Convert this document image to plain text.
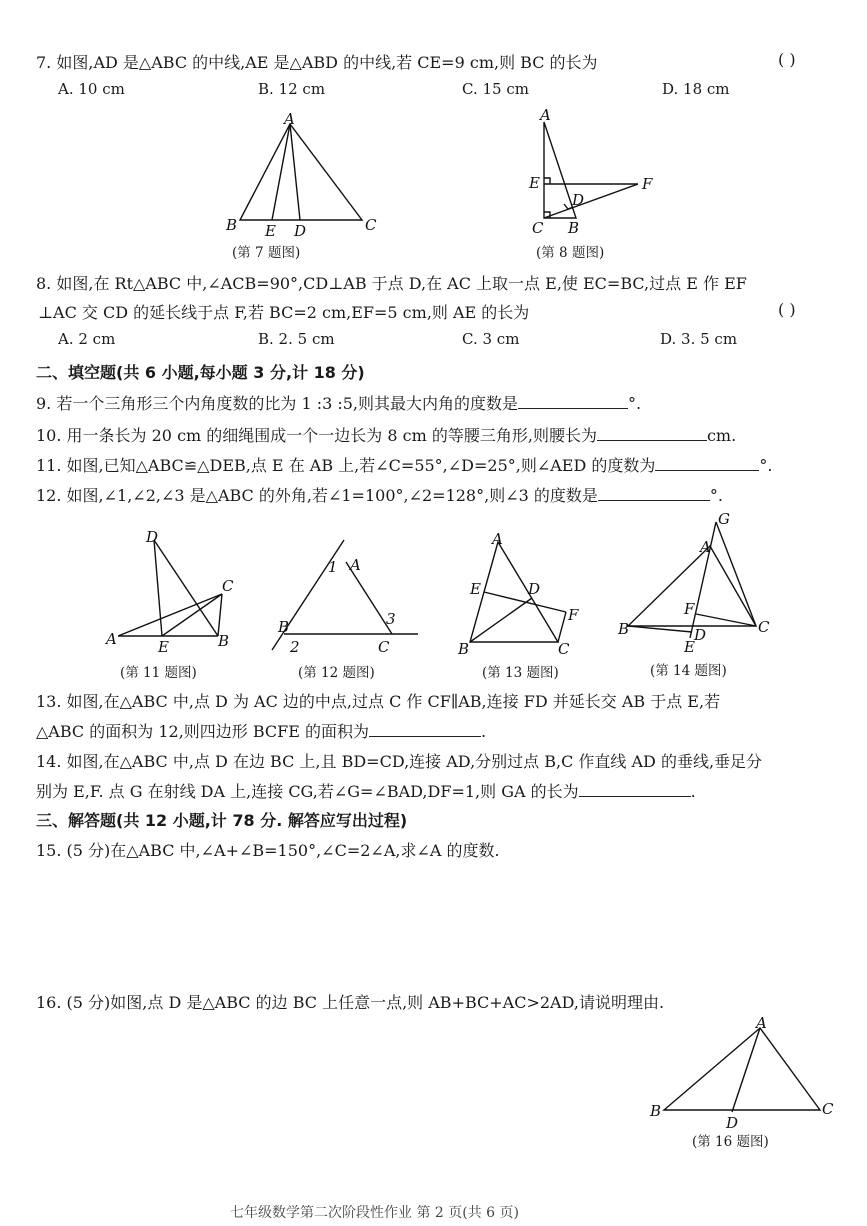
7. 如图,AD 是△ABC 的中线,AE 是△ABD 的中线,若 CE=9 cm,则 BC 的长为	( )
A. 10 cm	B. 12 cm	C. 15 cm	D. 18 cm
A
B E D	C
(第 7 题图)
A
E	F
D
C B
(第 8 题图)
8. 如图,在 Rt△ABC 中,∠ACB=90°,CD⊥AB 于点 D,在 AC 上取一点 E,使 EC=BC,过点 E 作 EF
⊥AC 交 CD 的延长线于点 F,若 BC=2 cm,EF=5 cm,则 AE 的长为	( )
A. 2 cm	B. 2. 5 cm	C. 3 cm	D. 3. 5 cm
二、填空题(共 6 小题,每小题 3 分,计 18 分)
9. 若一个三角形三个内角度数的比为 1 :3 :5,则其最大内角的度数是	°.
10. 用一条长为 20 cm 的细绳围成一个一边长为 8 cm 的等腰三角形,则腰长为	cm.
11. 如图,已知△ABC≌△DEB,点 E 在 AB 上,若∠C=55°,∠D=25°,则∠AED 的度数为	°.
12. 如图,∠1,∠2,∠3 是△ABC 的外角,若∠1=100°,∠2=128°,则∠3 的度数是	°.
D
C
A	E	B
(第 11 题图)
1 A
B
2	C
3
(第 12 题图)
A
E	D
F
B	C
(第 13 题图)
G
A
F
B	D
E
C
(第 14 题图)
13. 如图,在△ABC 中,点 D 为 AC 边的中点,过点 C 作 CF∥AB,连接 FD 并延长交 AB 于点 E,若
△ABC 的面积为 12,则四边形 BCFE 的面积为	.
14. 如图,在△ABC 中,点 D 在边 BC 上,且 BD=CD,连接 AD,分别过点 B,C 作直线 AD 的垂线,垂足分
别为 E,F. 点 G 在射线 DA 上,连接 CG,若∠G=∠BAD,DF=1,则 GA 的长为	.
三、解答题(共 12 小题,计 78 分. 解答应写出过程)
15. (5 分)在△ABC 中,∠A+∠B=150°,∠C=2∠A,求∠A 的度数.
16. (5 分)如图,点 D 是△ABC 的边 BC 上任意一点,则 AB+BC+AC>2AD,请说明理由.
A
B
D
C
(第 16 题图)
七年级数学第二次阶段性作业 第 2 页(共 6 页)
